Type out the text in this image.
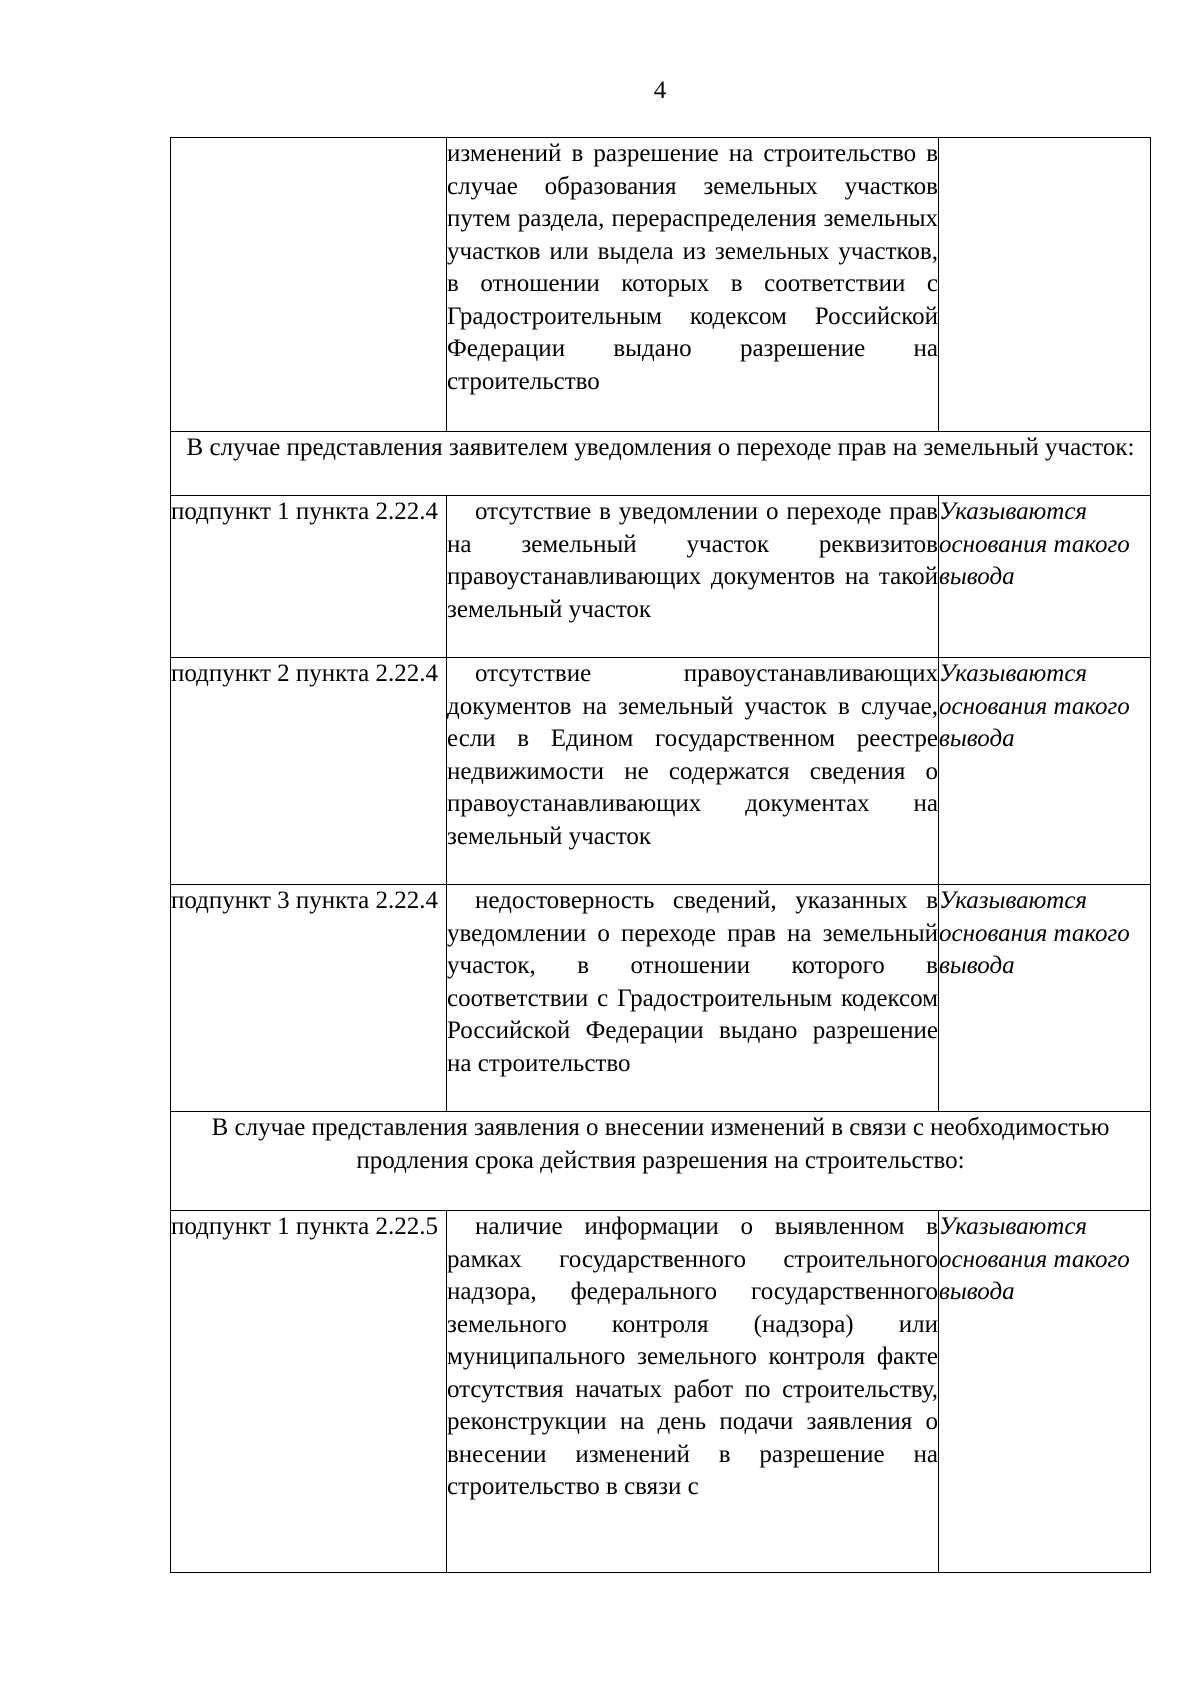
4

	изменений в разрешение на строительство в случае образования земельных участков путем раздела, перераспределения земельных участков или выдела из земельных участков, в отношении которых в соответствии с Градостроительным кодексом Российской Федерации выдано разрешение на строительство	

В случае представления заявителем уведомления о переходе прав на земельный участок:		
подпункт 1 пункта 2.22.4	отсутствие в уведомлении о переходе прав на земельный участок реквизитов правоустанавливающих документов на такой земельный участок	Указываются основания такого вывода
подпункт 2 пункта 2.22.4	отсутствие правоустанавливающих документов на земельный участок в случае, если в Едином государственном реестре недвижимости не содержатся сведения о правоустанавливающих документах на земельный участок	Указываются основания такого вывода
подпункт 3 пункта 2.22.4	недостоверность сведений, указанных в уведомлении о переходе прав на земельный участок, в отношении которого в соответствии с Градостроительным кодексом Российской Федерации выдано разрешение на строительство	Указываются основания такого вывода
В случае представления заявления о внесении изменений в связи с необходимостью продления срока действия разрешения на строительство:		
подпункт 1 пункта 2.22.5	наличие информации о выявленном в рамках государственного строительного надзора, федерального государственного земельного контроля (надзора) или муниципального земельного контроля факте отсутствия начатых работ по строительству, реконструкции на день подачи заявления о внесении изменений в разрешение на строительство в связи с	Указываются основания такого вывода
